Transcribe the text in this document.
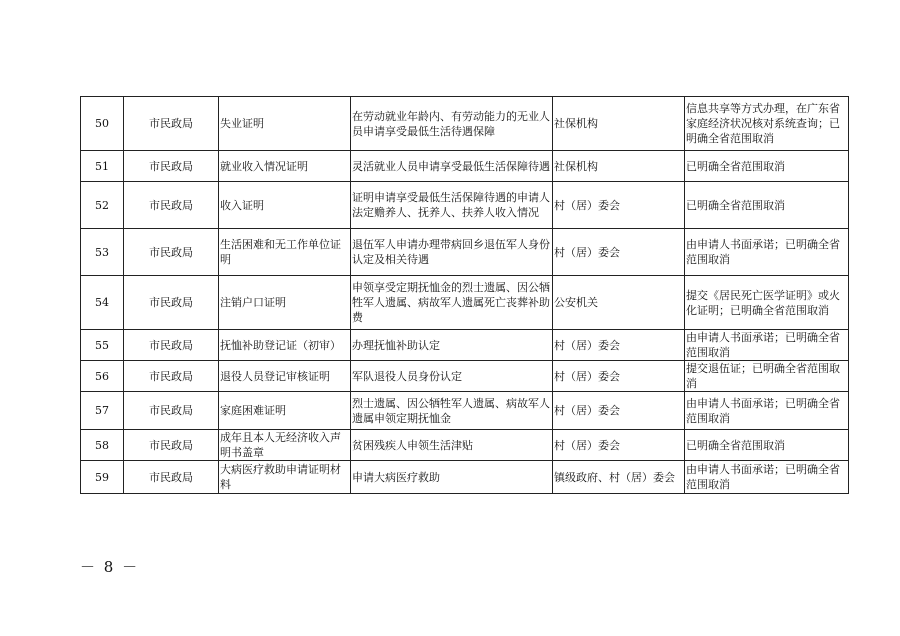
50	市民政局	失业证明	在劳动就业年龄内、有劳动能力的无业人员申请享受最低生活待遇保障	社保机构	信息共享等方式办理，在广东省家庭经济状况核对系统查询；已明确全省范围取消
51	市民政局	就业收入情况证明	灵活就业人员申请享受最低生活保障待遇	社保机构	已明确全省范围取消
52	市民政局	收入证明	证明申请享受最低生活保障待遇的申请人法定赡养人、抚养人、扶养人收入情况	村（居）委会	已明确全省范围取消
53	市民政局	生活困难和无工作单位证明	退伍军人申请办理带病回乡退伍军人身份认定及相关待遇	村（居）委会	由申请人书面承诺；已明确全省范围取消
54	市民政局	注销户口证明	申领享受定期抚恤金的烈士遗属、因公牺牲军人遗属、病故军人遗属死亡丧葬补助费	公安机关	提交《居民死亡医学证明》或火化证明；已明确全省范围取消
55	市民政局	抚恤补助登记证（初审）	办理抚恤补助认定	村（居）委会	由申请人书面承诺；已明确全省范围取消
56	市民政局	退役人员登记审核证明	军队退役人员身份认定	村（居）委会	提交退伍证；已明确全省范围取消
57	市民政局	家庭困难证明	烈士遗属、因公牺牲军人遗属、病故军人遗属申领定期抚恤金	村（居）委会	由申请人书面承诺；已明确全省范围取消
58	市民政局	成年且本人无经济收入声明书盖章	贫困残疾人申领生活津贴	村（居）委会	已明确全省范围取消
59	市民政局	大病医疗救助申请证明材料	申请大病医疗救助	镇级政府、村（居）委会	由申请人书面承诺；已明确全省范围取消
－ 8 －
